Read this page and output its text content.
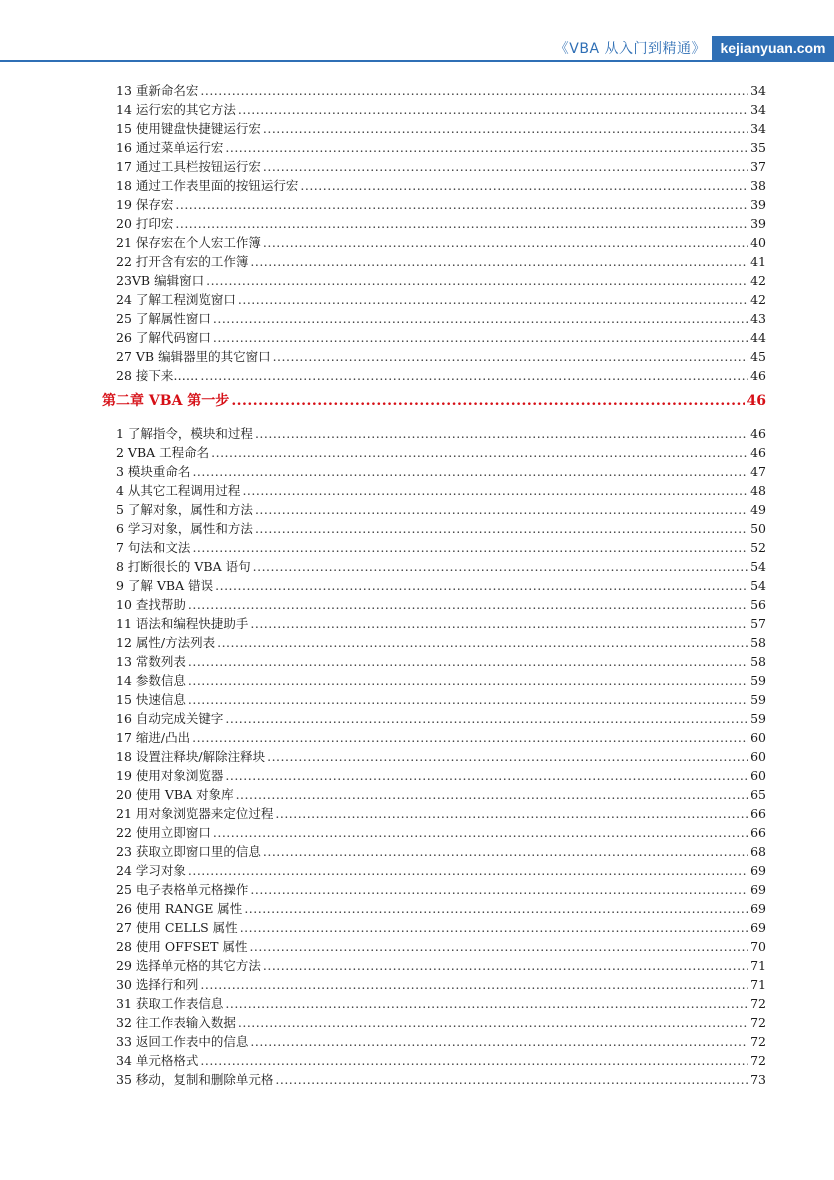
《VBA 从入门到精通》	kejianyuan.com
13 重新命名宏 .....	34
14 运行宏的其它方法 .....	34
15 使用键盘快捷键运行宏 .....	34
16 通过菜单运行宏 .....	35
17 通过工具栏按钮运行宏 .....	37
18 通过工作表里面的按钮运行宏 .....	38
19 保存宏 .....	39
20 打印宏 .....	39
21 保存宏在个人宏工作簿 .....	40
22 打开含有宏的工作簿 .....	41
23VB 编辑窗口 .....	42
24 了解工程浏览窗口 .....	42
25 了解属性窗口 .....	43
26 了解代码窗口 .....	44
27 VB 编辑器里的其它窗口 .....	45
28 接下来…… .....	46
第二章 VBA 第一步 .....	46
1 了解指令，模块和过程 .....	46
2 VBA 工程命名 .....	46
3 模块重命名 .....	47
4 从其它工程调用过程 .....	48
5 了解对象，属性和方法 .....	49
6 学习对象，属性和方法 .....	50
7 句法和文法 .....	52
8 打断很长的 VBA 语句 .....	54
9 了解 VBA 错误 .....	54
10 查找帮助 .....	56
11 语法和编程快捷助手 .....	57
12 属性/方法列表 .....	58
13 常数列表 .....	58
14 参数信息 .....	59
15 快速信息 .....	59
16 自动完成关键字 .....	59
17 缩进/凸出 .....	60
18 设置注释块/解除注释块 .....	60
19 使用对象浏览器 .....	60
20 使用 VBA 对象库 .....	65
21 用对象浏览器来定位过程 .....	66
22 使用立即窗口 .....	66
23 获取立即窗口里的信息 .....	68
24 学习对象 .....	69
25 电子表格单元格操作 .....	69
26 使用 RANGE 属性 .....	69
27 使用 CELLS 属性 .....	69
28 使用 OFFSET 属性 .....	70
29 选择单元格的其它方法 .....	71
30 选择行和列 .....	71
31 获取工作表信息 .....	72
32 往工作表输入数据 .....	72
33 返回工作表中的信息 .....	72
34 单元格格式 .....	72
35 移动，复制和删除单元格 .....	73
